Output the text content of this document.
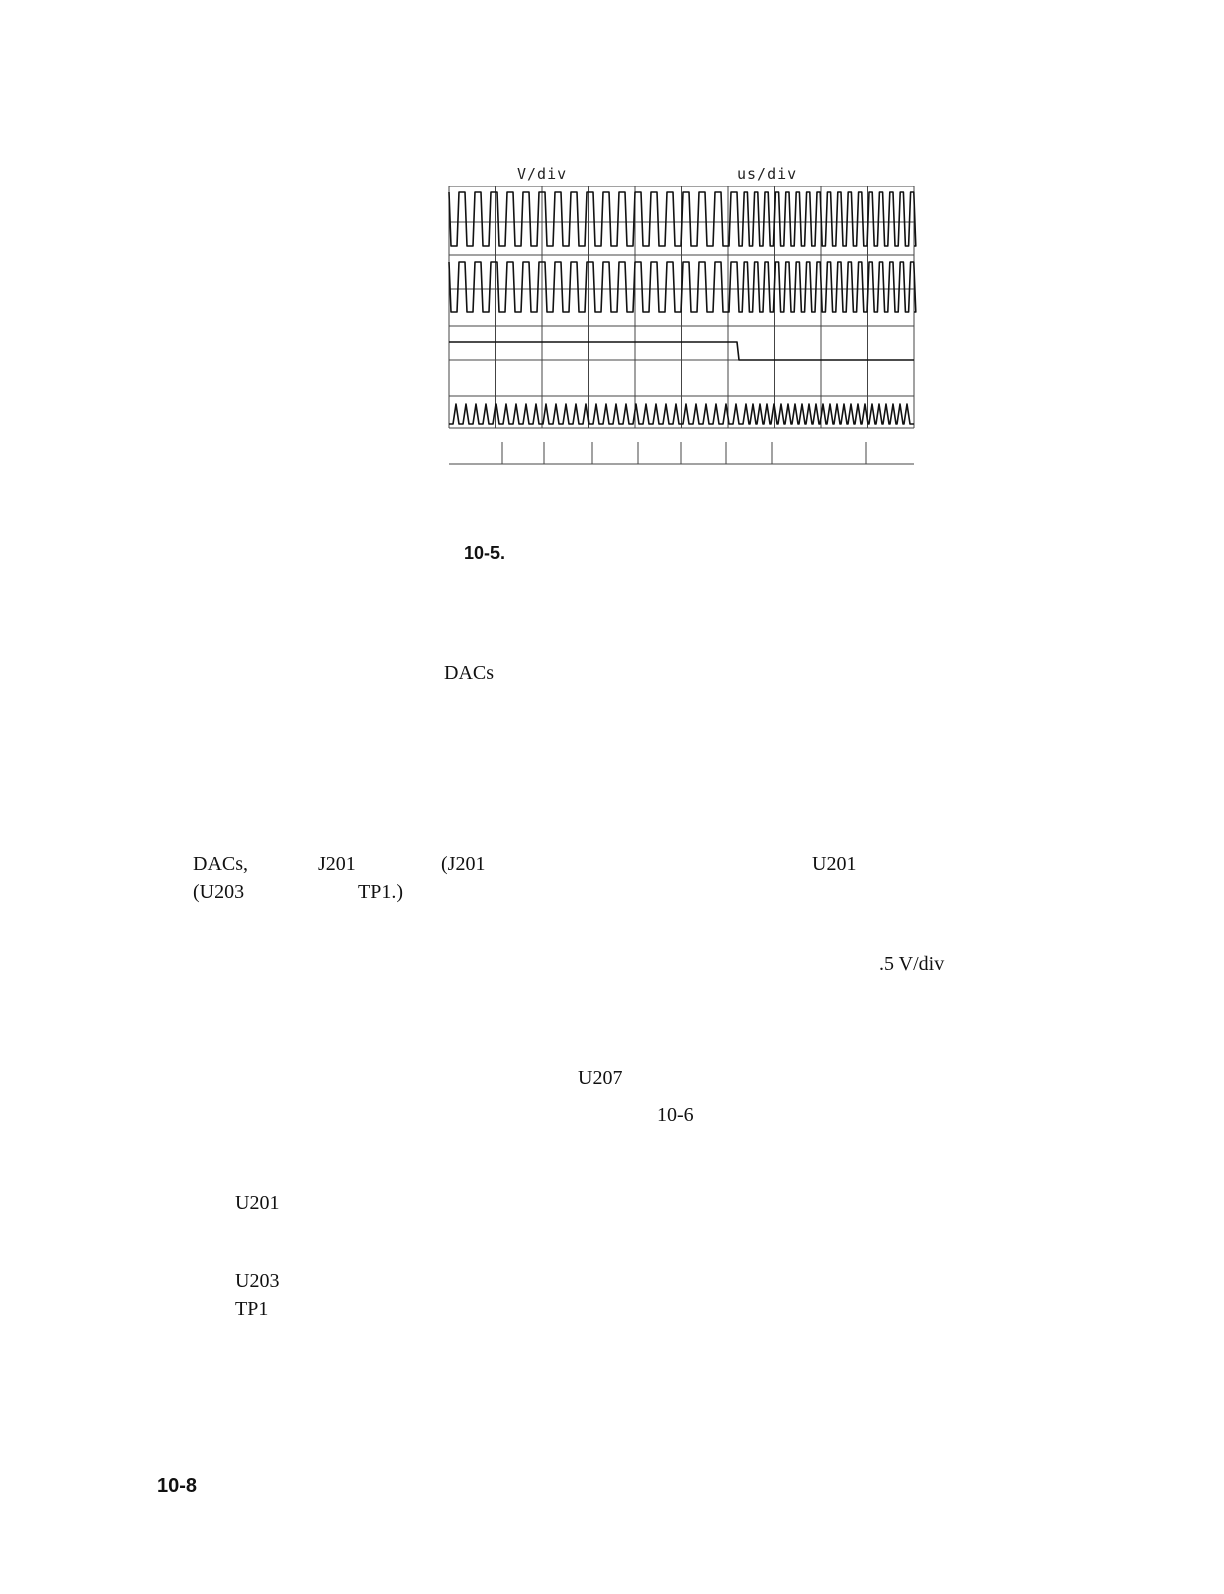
V/div	us/div
10-5.
DACs
DACs,	J201	(J201	U201
(U203	TP1.)
.5 V/div
U207
10-6
U201
U203
TP1
10-8
